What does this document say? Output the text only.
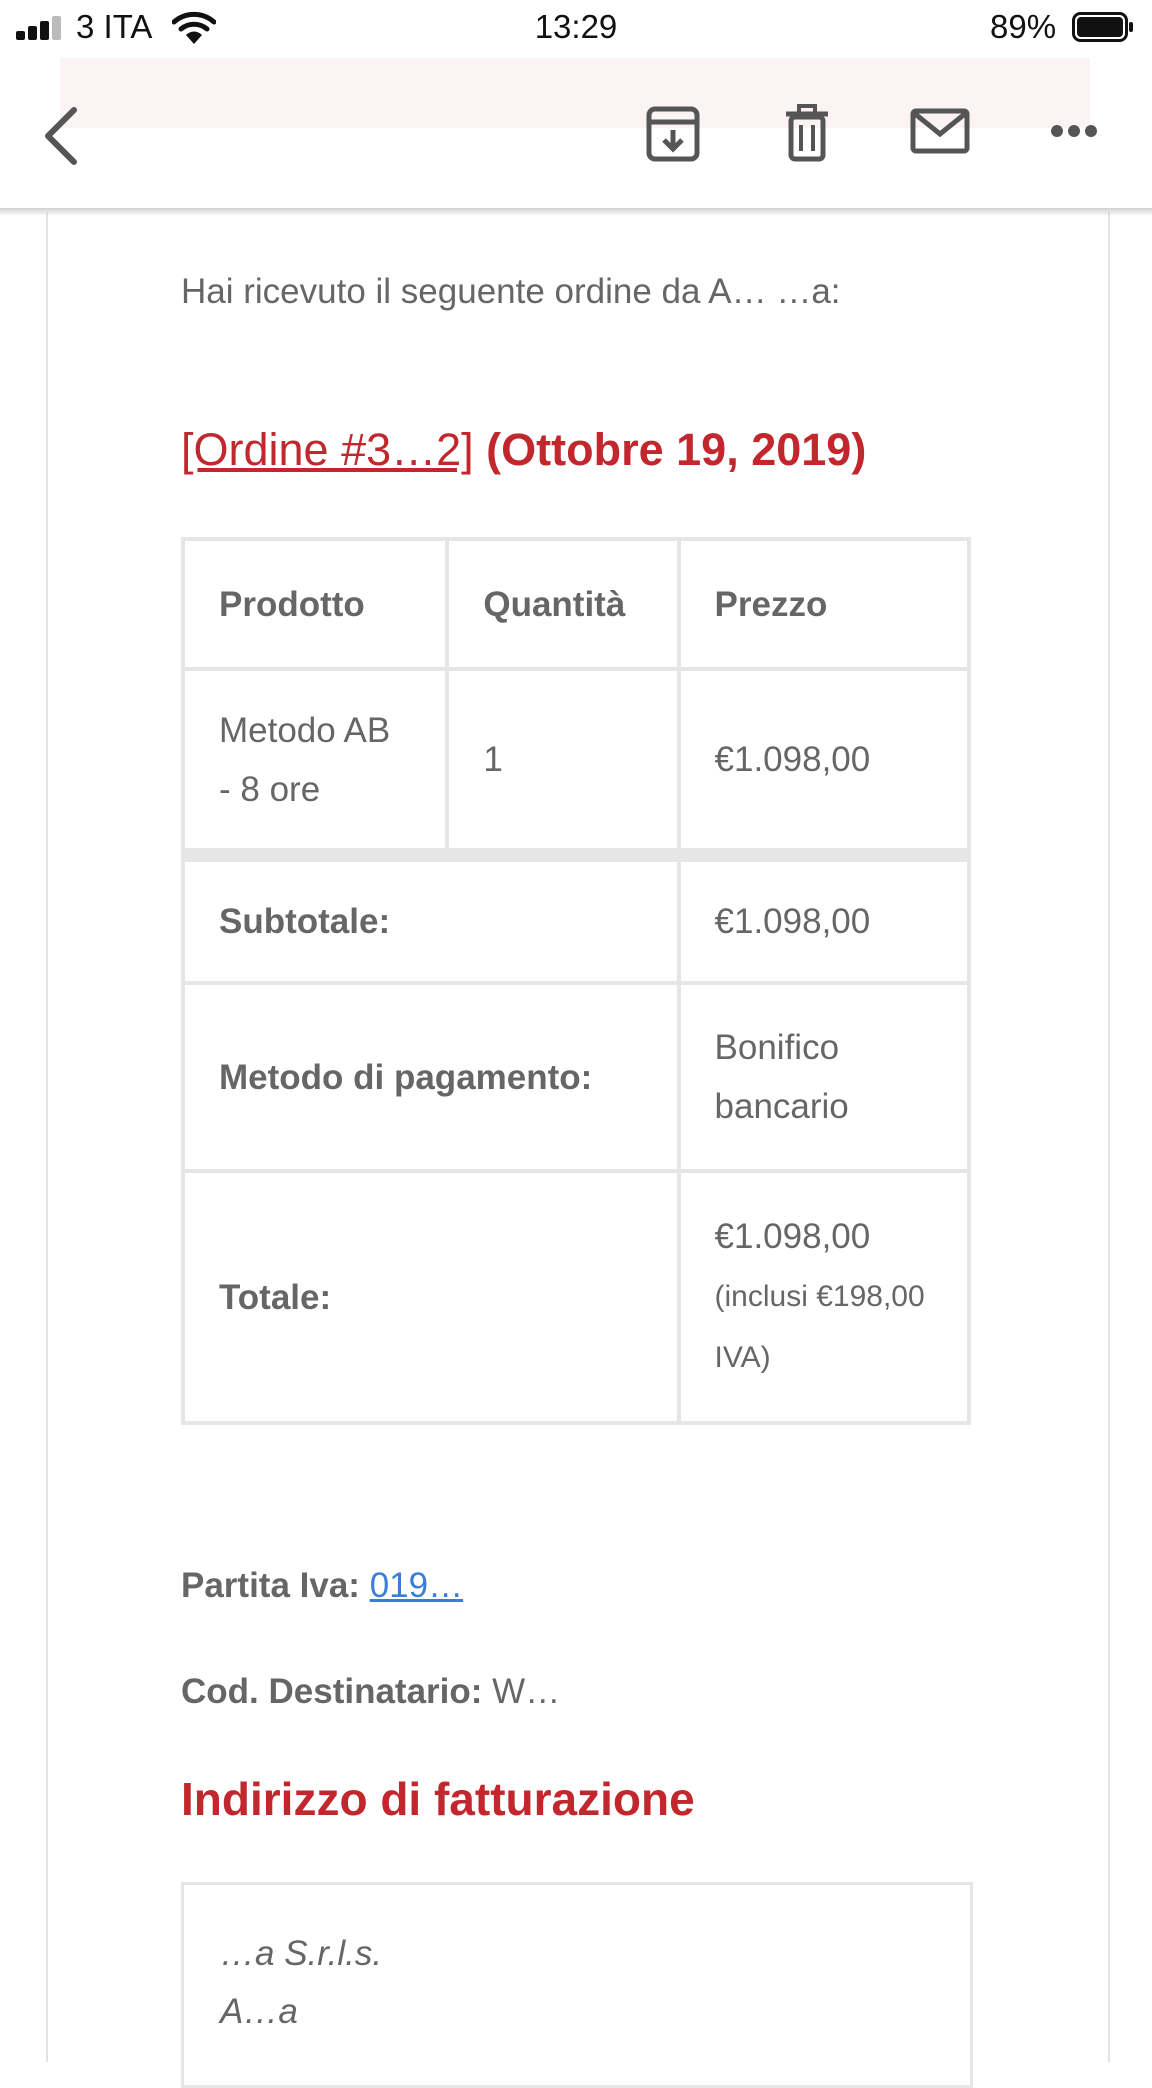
3 ITA	13:29	89%
Hai ricevuto il seguente ordine da A… …a:
[Ordine #3…2] (Ottobre 19, 2019)
Prodotto	Quantità	Prezzo
Metodo AB - 8 ore	1	€1.098,00
Subtotale:		€1.098,00
Metodo di pagamento:		Bonifico bancario
Totale:		€1.098,00
(inclusi €198,00 IVA)
Partita Iva: 019…
Cod. Destinatario: W…
Indirizzo di fatturazione
…a S.r.l.s.
A…a
